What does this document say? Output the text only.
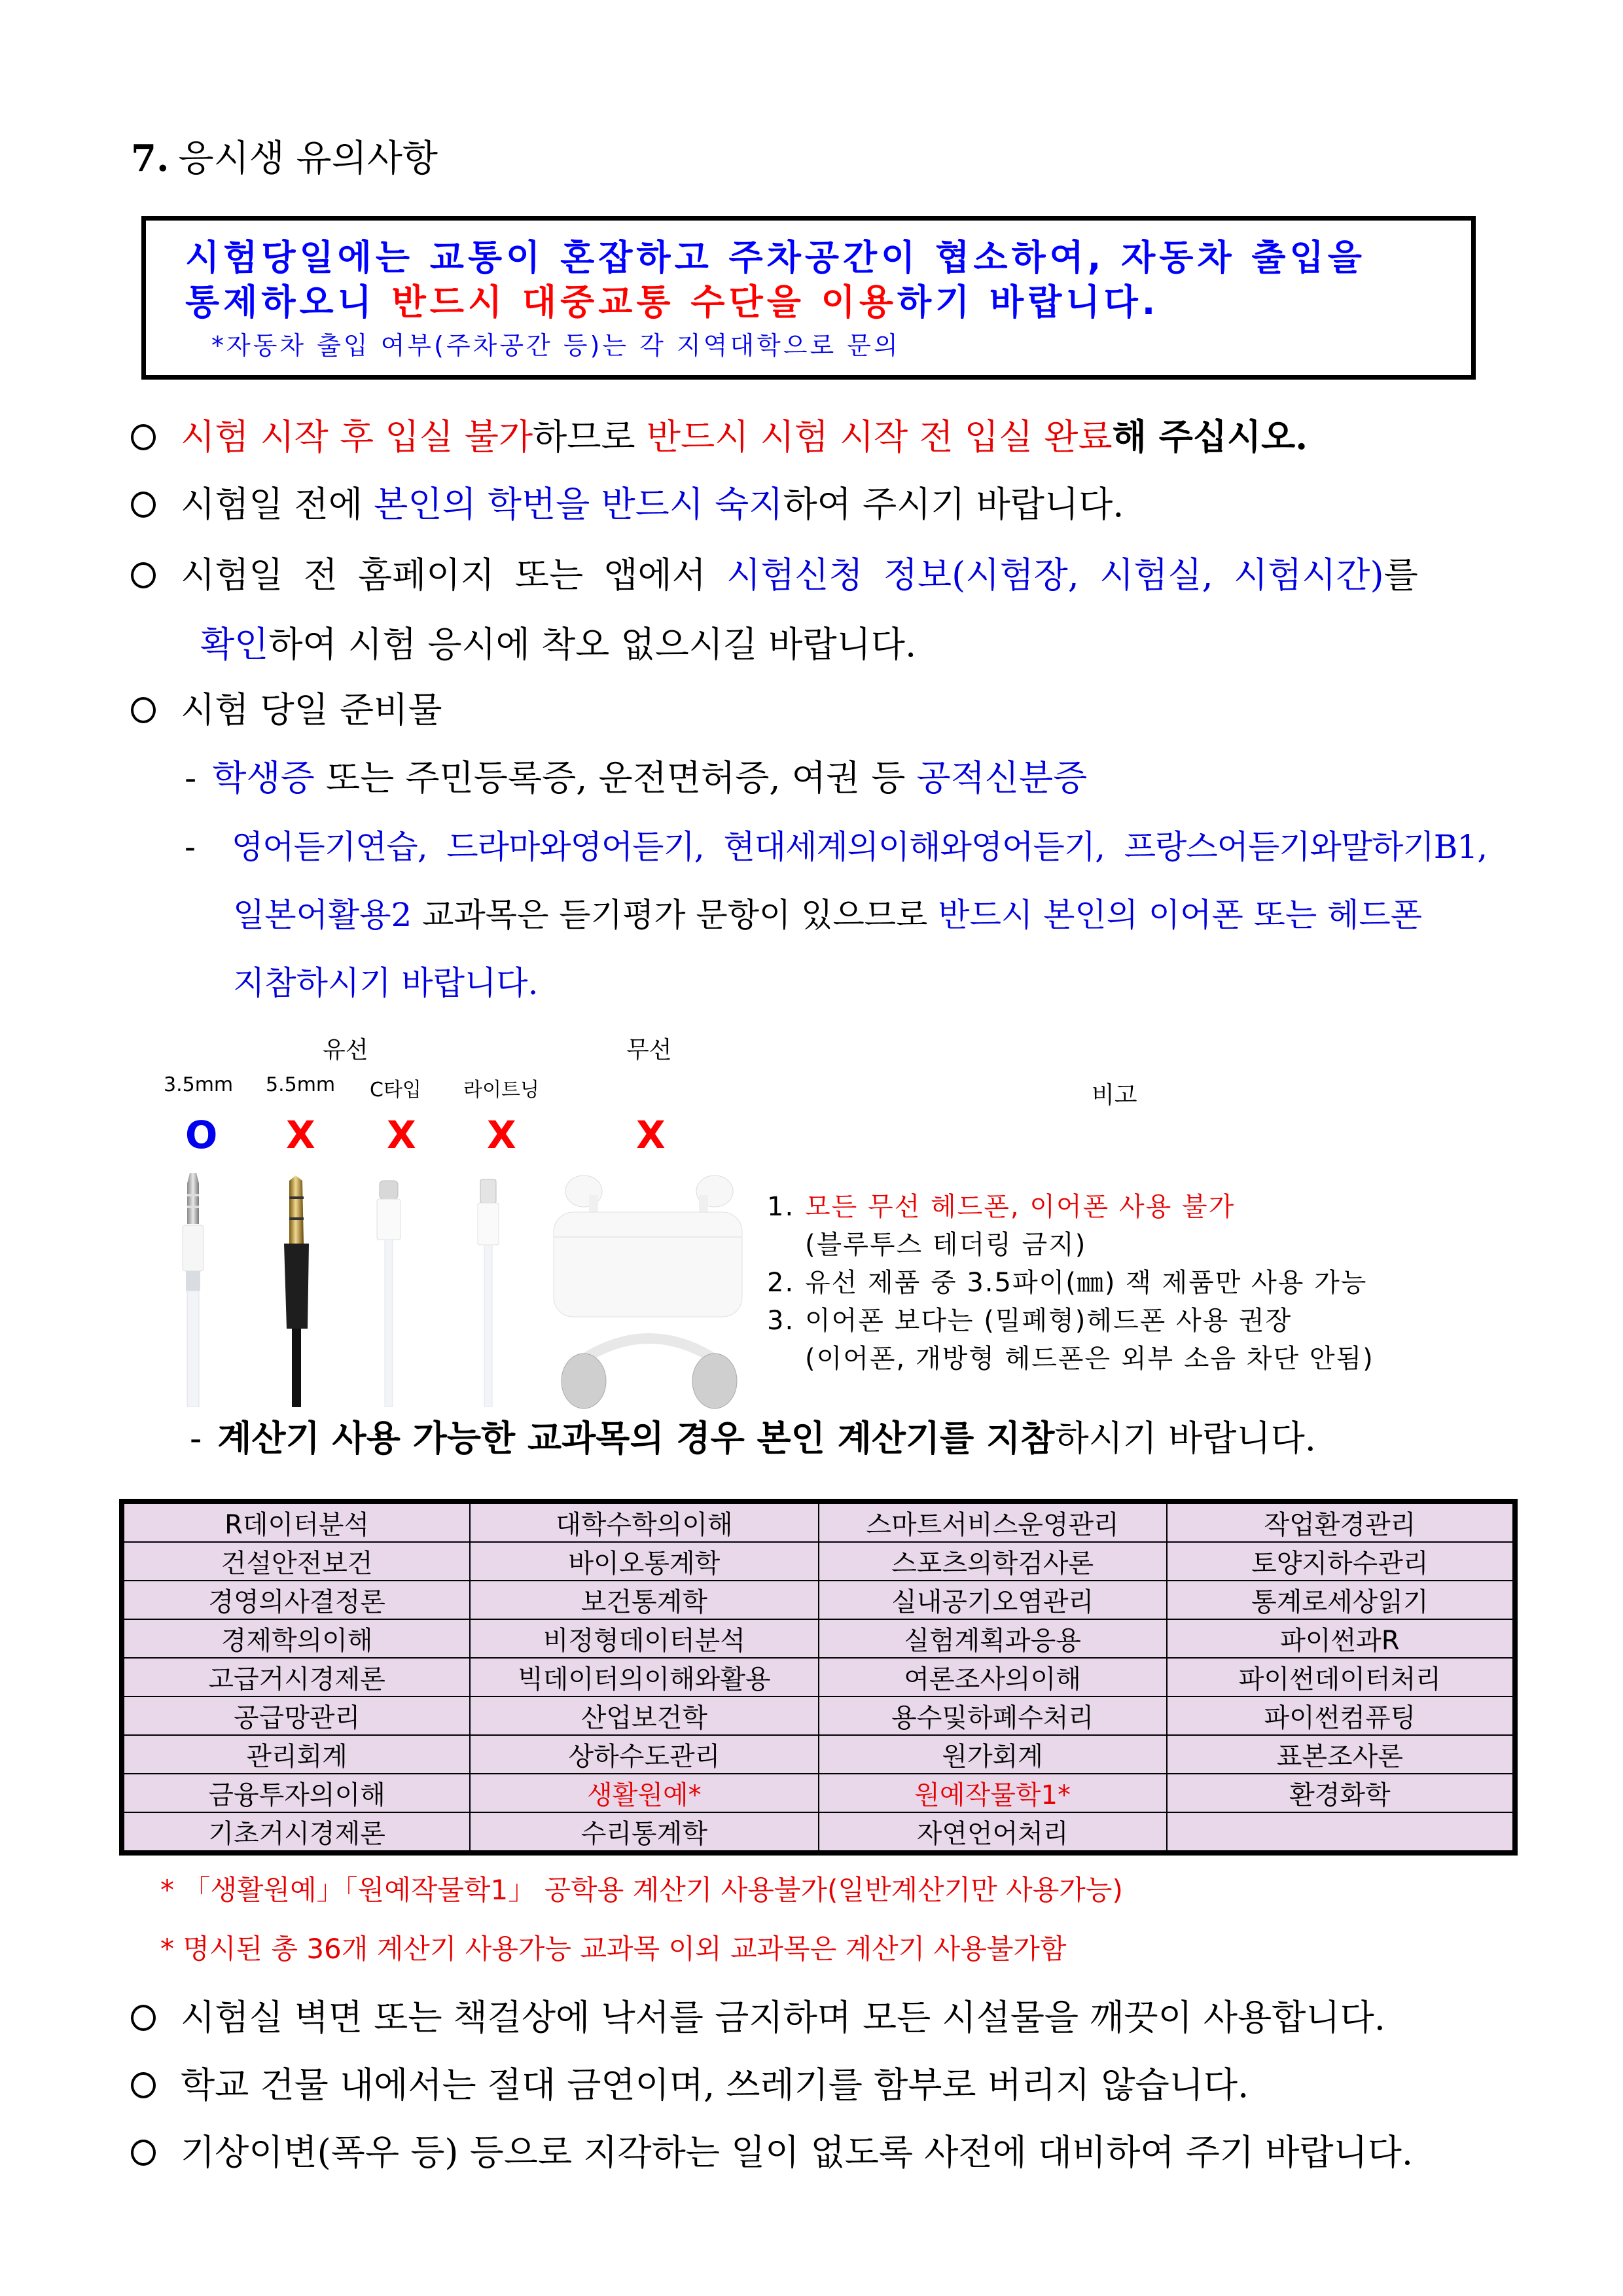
7. 응시생 유의사항
시험당일에는 교통이 혼잡하고 주차공간이 협소하여, 자동차 출입을
통제하오니 반드시 대중교통 수단을 이용하기 바랍니다.
*자동차 출입 여부(주차공간 등)는 각 지역대학으로 문의
시험 시작 후 입실 불가하므로 반드시 시험 시작 전 입실 완료해 주십시오.
시험일 전에 본인의 학번을 반드시 숙지하여 주시기 바랍니다.
시험일 전 홈페이지 또는 앱에서 시험신청 정보(시험장, 시험실, 시험시간)를
확인하여 시험 응시에 착오 없으시길 바랍니다.
시험 당일 준비물
- 학생증 또는 주민등록증, 운전면허증, 여권 등 공적신분증
- 영어듣기연습,  드라마와영어듣기,  현대세계의이해와영어듣기,  프랑스어듣기와말하기B1,
일본어활용2 교과목은 듣기평가 문항이 있으므로 반드시 본인의 이어폰 또는 헤드폰
지참하시기 바랍니다.
유선	무선
3.5mm 5.5mm C타입 라이트닝	비고
O X X X	X
1. 모든 무선 헤드폰, 이어폰 사용 불가
(블루투스 테더링 금지)
2. 유선 제품 중 3.5파이(㎜) 잭 제품만 사용 가능
3. 이어폰 보다는 (밀폐형)헤드폰 사용 권장
(이어폰, 개방형 헤드폰은 외부 소음 차단 안됨)
- 계산기 사용 가능한 교과목의 경우 본인 계산기를 지참하시기 바랍니다.
R데이터분석	대학수학의이해	스마트서비스운영관리	작업환경관리
건설안전보건	바이오통계학	스포츠의학검사론	토양지하수관리
경영의사결정론	보건통계학	실내공기오염관리	통계로세상읽기
경제학의이해	비정형데이터분석	실험계획과응용	파이썬과R
고급거시경제론	빅데이터의이해와활용	여론조사의이해	파이썬데이터처리
공급망관리	산업보건학	용수및하폐수처리	파이썬컴퓨팅
관리회계	상하수도관리	원가회계	표본조사론
금융투자의이해	생활원예*	원예작물학1*	환경화학
기초거시경제론	수리통계학	자연언어처리	
* 「생활원예」「원예작물학1」 공학용 계산기 사용불가(일반계산기만 사용가능)
* 명시된 총 36개 계산기 사용가능 교과목 이외 교과목은 계산기 사용불가함
시험실 벽면 또는 책걸상에 낙서를 금지하며 모든 시설물을 깨끗이 사용합니다.
학교 건물 내에서는 절대 금연이며, 쓰레기를 함부로 버리지 않습니다.
기상이변(폭우 등) 등으로 지각하는 일이 없도록 사전에 대비하여 주기 바랍니다.
